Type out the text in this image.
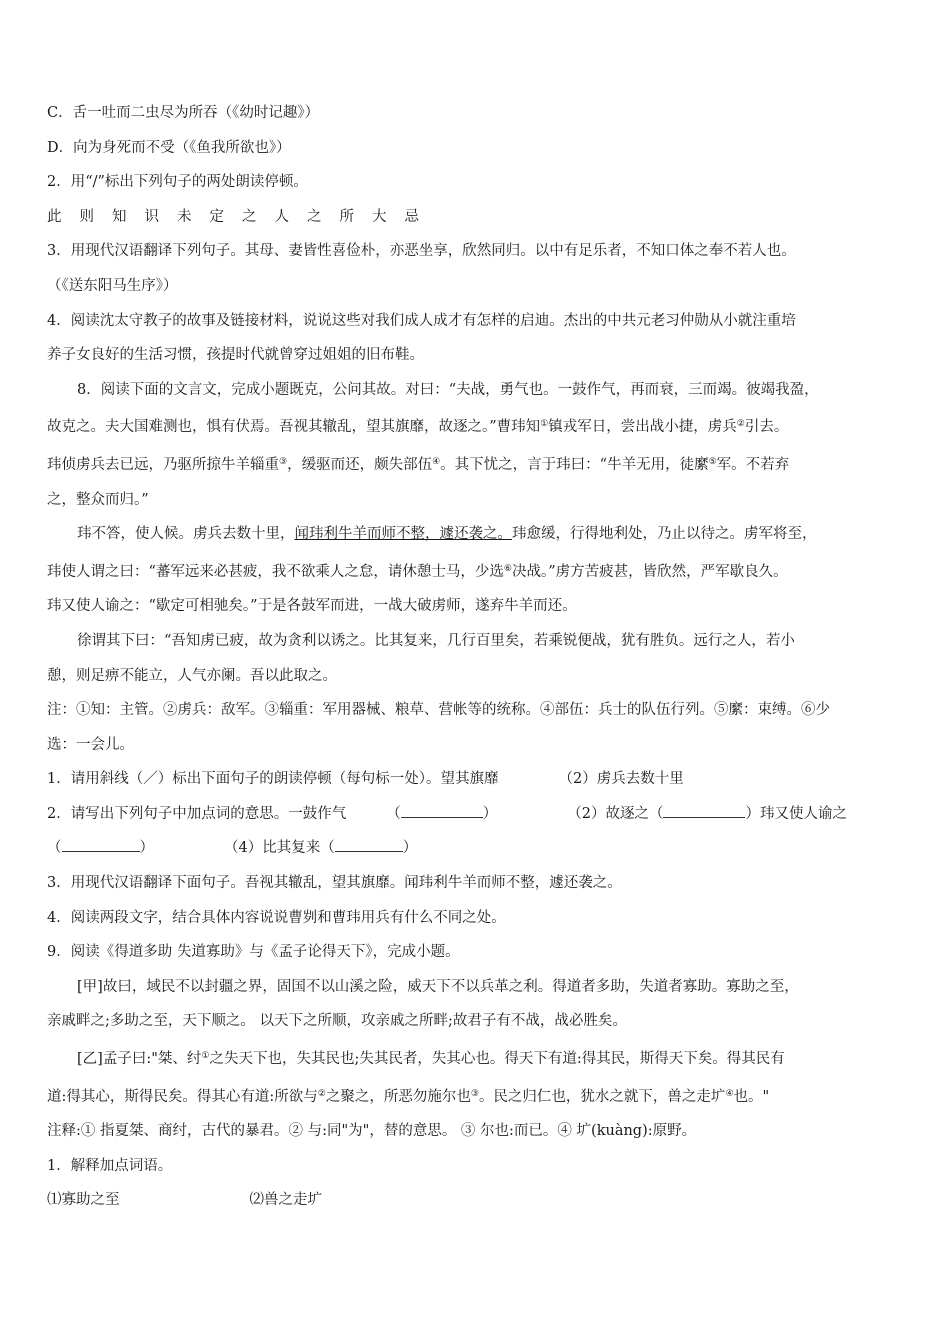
C．舌一吐而二虫尽为所吞（《幼时记趣》）
D．向为身死而不受（《鱼我所欲也》）
2．用“/”标出下列句子的两处朗读停顿。
此则知识未定之人之所大忌
3．用现代汉语翻译下列句子。其母、妻皆性喜俭朴，亦恶坐享，欣然同归。以中有足乐者，不知口体之奉不若人也。
（《送东阳马生序》）
4．阅读沈太守教子的故事及链接材料，说说这些对我们成人成才有怎样的启迪。杰出的中共元老习仲勋从小就注重培
养子女良好的生活习惯，孩提时代就曾穿过姐姐的旧布鞋。
8．阅读下面的文言文，完成小题既克，公问其故。对曰：“夫战，勇气也。一鼓作气，再而衰，三而竭。彼竭我盈，
故克之。夫大国难测也，惧有伏焉。吾视其辙乱，望其旗靡，故逐之。”曹玮知①镇戎军日，尝出战小捷，虏兵②引去。
玮侦虏兵去已远，乃驱所掠牛羊辎重③，缓驱而还，颇失部伍④。其下忧之，言于玮曰：“牛羊无用，徒縻⑤军。不若弃
之，整众而归。”
玮不答，使人候。虏兵去数十里，闻玮利牛羊而师不整，遽还袭之。玮愈缓，行得地利处，乃止以待之。虏军将至，
玮使人谓之曰：“蕃军远来必甚疲，我不欲乘人之怠，请休憩士马，少选⑥决战。”虏方苦疲甚，皆欣然，严军歇良久。
玮又使人谕之：“歇定可相驰矣。”于是各鼓军而进，一战大破虏师，遂弃牛羊而还。
徐谓其下曰：“吾知虏已疲，故为贪利以诱之。比其复来，几行百里矣，若乘锐便战，犹有胜负。远行之人，若小
憩，则足痹不能立，人气亦阑。吾以此取之。
注：①知：主管。②虏兵：敌军。③辎重：军用器械、粮草、营帐等的统称。④部伍：兵士的队伍行列。⑤縻：束缚。⑥少
选：一会儿。
1．请用斜线（／）标出下面句子的朗读停顿（每句标一处）。望其旗靡	（2）虏兵去数十里
2．请写出下列句子中加点词的意思。一鼓作气	（	）	（2）故逐之（	）玮又使人谕之
（	）	（4）比其复来（	）
3．用现代汉语翻译下面句子。吾视其辙乱，望其旗靡。闻玮利牛羊而师不整，遽还袭之。
4．阅读两段文字，结合具体内容说说曹刿和曹玮用兵有什么不同之处。
9．阅读《得道多助 失道寡助》与《孟子论得天下》，完成小题。
[甲]故曰，域民不以封疆之界，固国不以山溪之险，威天下不以兵革之利。得道者多助，失道者寡助。寡助之至，
亲戚畔之;多助之至，天下顺之。 以天下之所顺，攻亲戚之所畔;故君子有不战，战必胜矣。
[乙]孟子曰:"桀、纣①之失天下也，失其民也;失其民者，失其心也。得天下有道:得其民，斯得天下矣。得其民有
道:得其心，斯得民矣。得其心有道:所欲与②之聚之，所恶勿施尔也③。民之归仁也，犹水之就下，兽之走圹④也。"
注释:① 指夏桀、商纣，古代的暴君。② 与:同"为"，替的意思。 ③ 尔也:而已。④ 圹(kuàng):原野。
1．解释加点词语。
⑴寡助之至	⑵兽之走圹
